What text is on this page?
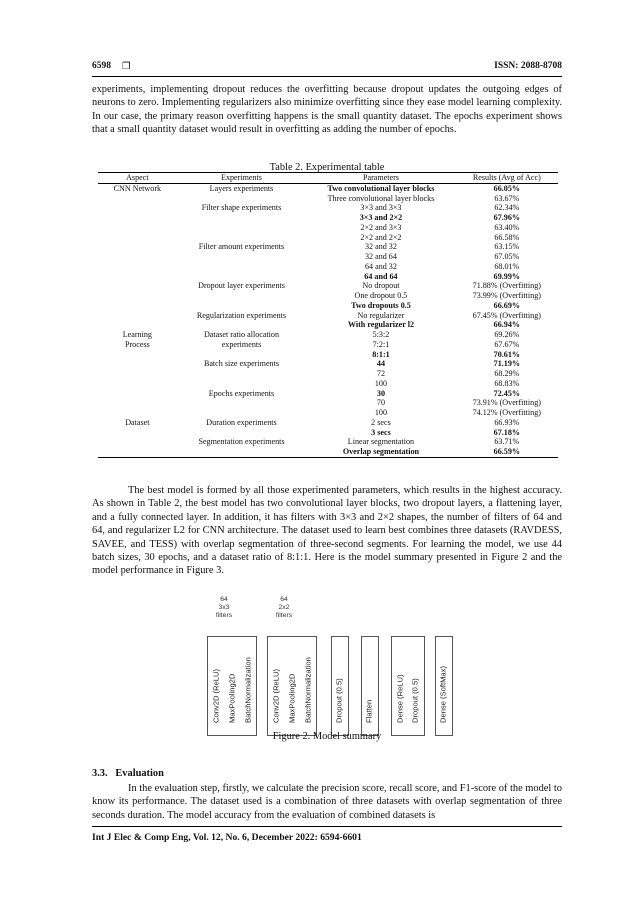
6598 ❒	ISSN: 2088-8708

experiments, implementing dropout reduces the overfitting because dropout updates the outgoing edges of neurons to zero. Implementing regularizers also minimize overfitting since they ease model learning complexity. In our case, the primary reason overfitting happens is the small quantity dataset. The epochs experiment shows that a small quantity dataset would result in overfitting as adding the number of epochs.

Table 2. Experimental table
Aspect	Experiments	Parameters	Results (Avg of Acc)
CNN Network	Layers experiments	Two convolutional layer blocks	66.05%
		Three convolutional layer blocks	63.67%
	Filter shape experiments	3×3 and 3×3	62.34%
		3×3 and 2×2	67.96%
		2×2 and 3×3	63.40%
		2×2 and 2×2	66.58%
	Filter amount experiments	32 and 32	63.15%
		32 and 64	67.05%
		64 and 32	68.01%
		64 and 64	69.99%
	Dropout layer experiments	No dropout	71.88% (Overfitting)
		One dropout 0.5	73.99% (Overfitting)
		Two dropouts 0.5	66.69%
	Regularization experiments	No regularizer	67.45% (Overfitting)
		With regularizer l2	66.94%
Learning	Dataset ratio allocation	5:3:2	69.26%
Process	experiments	7:2:1	67.67%
		8:1:1	70.61%
	Batch size experiments	44	71.19%
		72	68.29%
		100	68.83%
	Epochs experiments	30	72.45%
		70	73.91% (Overfitting)
		100	74.12% (Overfitting)
Dataset	Duration experiments	2 secs	66.93%
		3 secs	67.18%
	Segmentation experiments	Linear segmentation	63.71%
		Overlap segmentation	66.59%

The best model is formed by all those experimented parameters, which results in the highest accuracy. As shown in Table 2, the best model has two convolutional layer blocks, two dropout layers, a flattening layer, and a fully connected layer. In addition, it has filters with 3×3 and 2×2 shapes, the number of filters of 64 and 64, and regularizer L2 for CNN architecture. The dataset used to learn best combines three datasets (RAVDESS, SAVEE, and TESS) with overlap segmentation of three-second segments. For learning the model, we use 44 batch sizes, 30 epochs, and a dataset ratio of 8:1:1. Here is the model summary presented in Figure 2 and the model performance in Figure 3.

64
3x3
filters
64
2x2
filters
Conv2D (ReLU) MaxPooling2D BatchNormalization	Conv2D (ReLU) MaxPooling2D BatchNormalization	Dropout (0.5)	Flatten	Dense (ReLU) Dropout (0.5)	Dense (SoftMax)
Figure 2. Model summary
3.3.   Evaluation

In the evaluation step, firstly, we calculate the precision score, recall score, and F1-score of the model to know its performance. The dataset used is a combination of three datasets with overlap segmentation of three seconds duration. The model accuracy from the evaluation of combined datasets is

Int J Elec & Comp Eng, Vol. 12, No. 6, December 2022: 6594-6601
